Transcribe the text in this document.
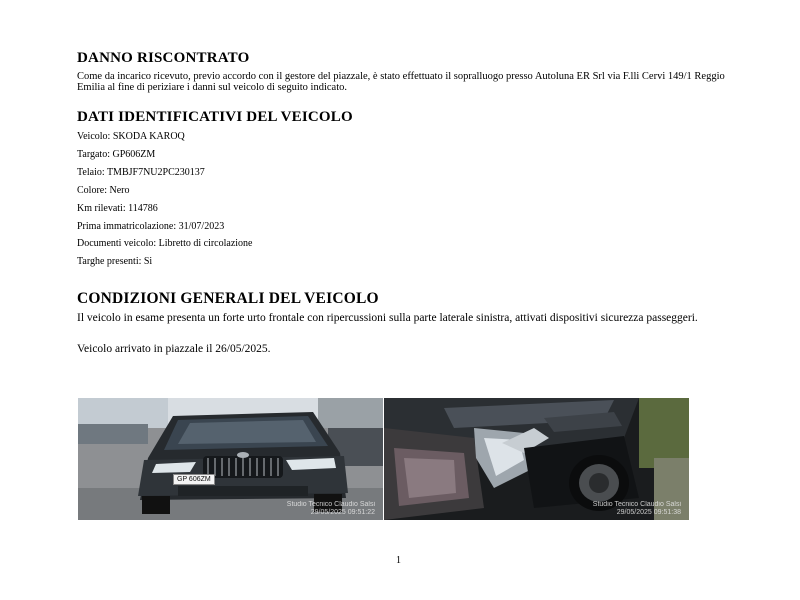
DANNO RISCONTRATO
Come da incarico ricevuto, previo accordo con il gestore del piazzale, è stato effettuato il sopralluogo presso Autoluna ER Srl via F.lli Cervi 149/1 Reggio Emilia al fine di periziare i danni sul veicolo di seguito indicato.
DATI IDENTIFICATIVI DEL VEICOLO
Veicolo: SKODA KAROQ
Targato: GP606ZM
Telaio: TMBJF7NU2PC230137
Colore: Nero
Km rilevati: 114786
Prima immatricolazione: 31/07/2023
Documenti veicolo: Libretto di circolazione
Targhe presenti: Si
CONDIZIONI GENERALI DEL VEICOLO
Il veicolo in esame presenta un forte urto frontale con ripercussioni sulla parte laterale sinistra, attivati dispositivi sicurezza passeggeri.
Veicolo arrivato in piazzale il 26/05/2025.
GP 606ZM
Studio Tecnico Claudio Salsi
29/05/2025 09:51:22
Studio Tecnico Claudio Salsi
29/05/2025 09:51:38
1
